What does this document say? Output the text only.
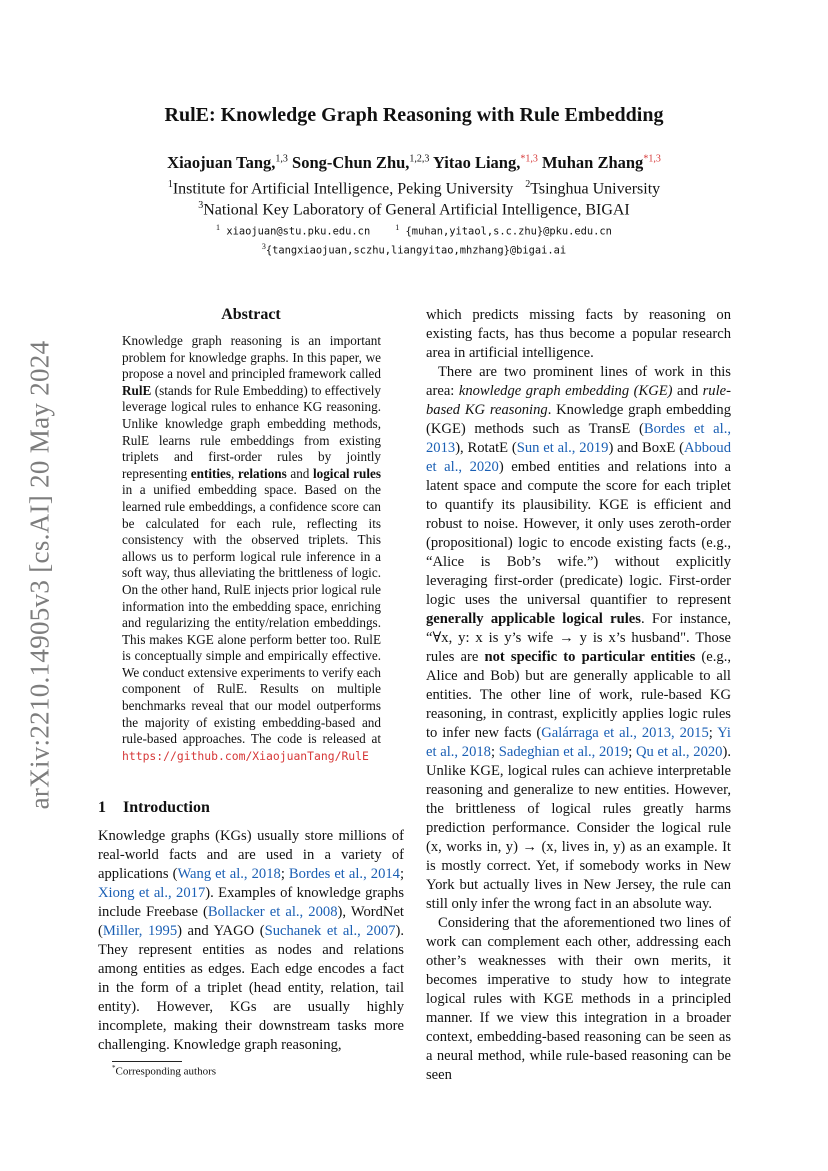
arXiv:2210.14905v3 [cs.AI] 20 May 2024
RulE: Knowledge Graph Reasoning with Rule Embedding
Xiaojuan Tang,$^{1,3}$ Song-Chun Zhu,$^{1,2,3}$ Yitao Liang,$^{*1,3}$ Muhan Zhang$^{*1,3}$
$^1$Institute for Artificial Intelligence, Peking University $^2$Tsinghua University
$^3$National Key Laboratory of General Artificial Intelligence, BIGAI
$^1$ xiaojuan@stu.pku.edu.cn	$^1$ {muhan,yitaol,s.c.zhu}@pku.edu.cn
$^3${tangxiaojuan,sczhu,liangyitao,mhzhang}@bigai.ai
Abstract
Knowledge graph reasoning is an important problem for knowledge graphs. In this paper, we propose a novel and principled framework called RulE (stands for Rule Embedding) to effectively leverage logical rules to enhance KG reasoning. Unlike knowledge graph embedding methods, RulE learns rule embeddings from existing triplets and first-order rules by jointly representing entities, relations and logical rules in a unified embedding space. Based on the learned rule embeddings, a confidence score can be calculated for each rule, reflecting its consistency with the observed triplets. This allows us to perform logical rule inference in a soft way, thus alleviating the brittleness of logic. On the other hand, RulE injects prior logical rule information into the embedding space, enriching and regularizing the entity/relation embeddings. This makes KGE alone perform better too. RulE is conceptually simple and empirically effective. We conduct extensive experiments to verify each component of RulE. Results on multiple benchmarks reveal that our model outperforms the majority of existing embedding-based and rule-based approaches. The code is released at https://github.com/XiaojuanTang/RulE
1 Introduction

Knowledge graphs (KGs) usually store millions of real-world facts and are used in a variety of applications (Wang et al., 2018; Bordes et al., 2014; Xiong et al., 2017). Examples of knowledge graphs include Freebase (Bollacker et al., 2008), WordNet (Miller, 1995) and YAGO (Suchanek et al., 2007). They represent entities as nodes and relations among entities as edges. Each edge encodes a fact in the form of a triplet (head entity, relation, tail entity). However, KGs are usually highly incomplete, making their downstream tasks more challenging. Knowledge graph reasoning,

which predicts missing facts by reasoning on existing facts, has thus become a popular research area in artificial intelligence.

There are two prominent lines of work in this area: knowledge graph embedding (KGE) and rule-based KG reasoning. Knowledge graph embedding (KGE) methods such as TransE (Bordes et al., 2013), RotatE (Sun et al., 2019) and BoxE (Abboud et al., 2020) embed entities and relations into a latent space and compute the score for each triplet to quantify its plausibility. KGE is efficient and robust to noise. However, it only uses zeroth-order (propositional) logic to encode existing facts (e.g., “Alice is Bob’s wife.”) without explicitly leveraging first-order (predicate) logic. First-order logic uses the universal quantifier to represent generally applicable logical rules. For instance, “∀x, y: x is y’s wife → y is x’s husband". Those rules are not specific to particular entities (e.g., Alice and Bob) but are generally applicable to all entities. The other line of work, rule-based KG reasoning, in contrast, explicitly applies logic rules to infer new facts (Galárraga et al., 2013, 2015; Yi et al., 2018; Sadeghian et al., 2019; Qu et al., 2020). Unlike KGE, logical rules can achieve interpretable reasoning and generalize to new entities. However, the brittleness of logical rules greatly harms prediction performance. Consider the logical rule (x, works in, y) → (x, lives in, y) as an example. It is mostly correct. Yet, if somebody works in New York but actually lives in New Jersey, the rule can still only infer the wrong fact in an absolute way.

Considering that the aforementioned two lines of work can complement each other, addressing each other’s weaknesses with their own merits, it becomes imperative to study how to integrate logical rules with KGE methods in a principled manner. If we view this integration in a broader context, embedding-based reasoning can be seen as a neural method, while rule-based reasoning can be seen

*Corresponding authors
